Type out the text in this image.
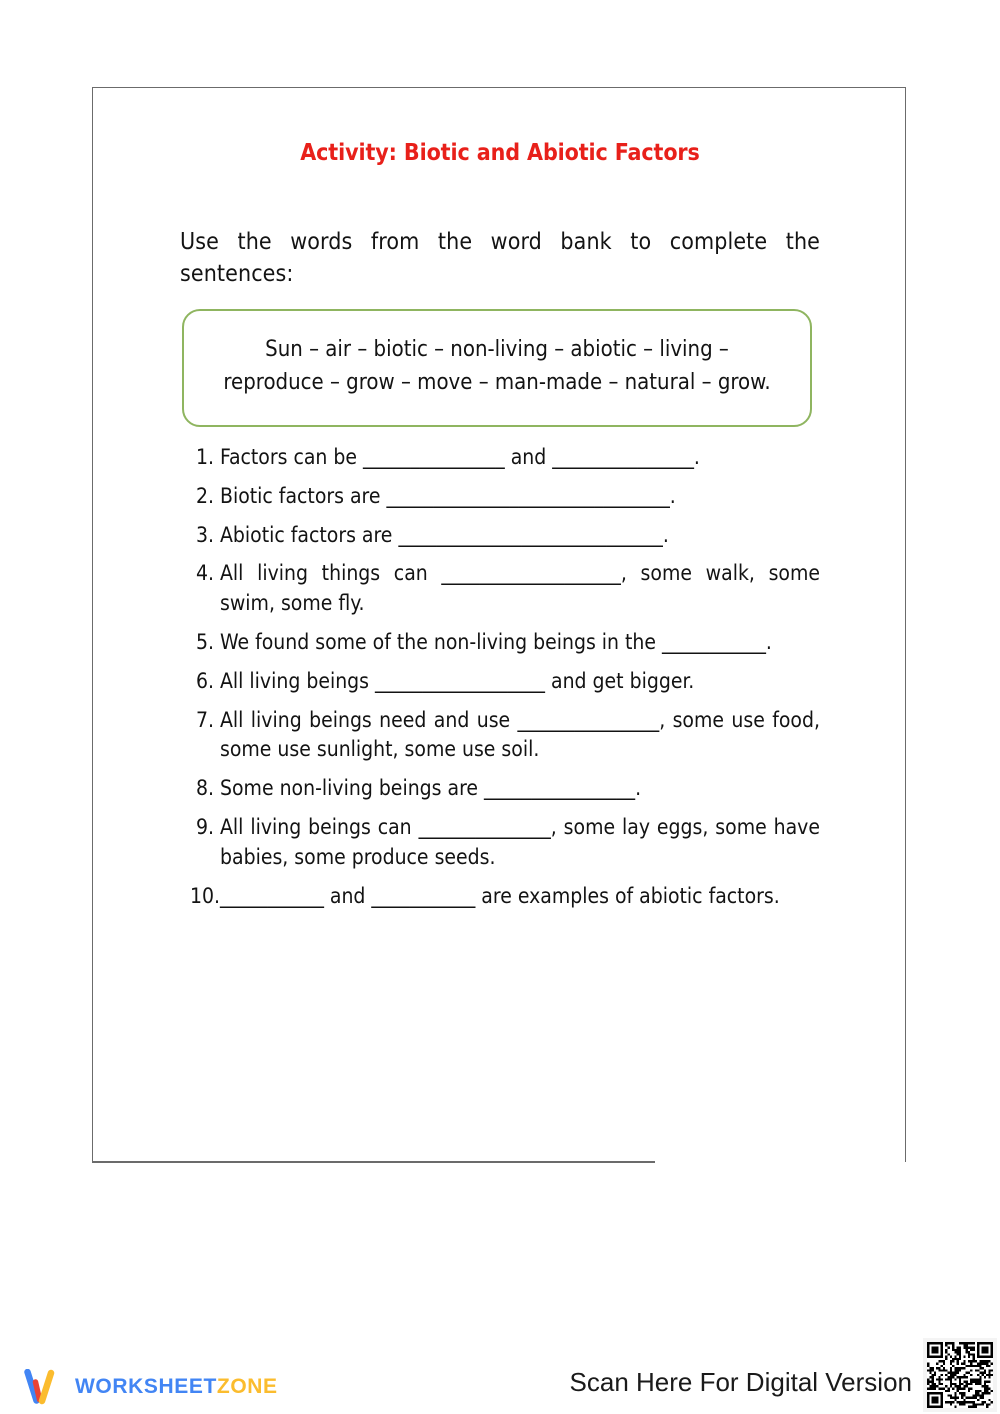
Activity: Biotic and Abiotic Factors
Use the words from the word bank to complete the sentences:
Sun – air – biotic – non-living – abiotic – living –
reproduce – grow – move – man-made – natural – grow.
1. Factors can be _______________ and _______________.
2. Biotic factors are ______________________________.
3. Abiotic factors are ____________________________.
4. All living things can ___________________, some walk, some swim, some fly.
5. We found some of the non-living beings in the ___________.
6. All living beings __________________ and get bigger.
7. All living beings need and use _______________, some use food, some use sunlight, some use soil.
8. Some non-living beings are ________________.
9. All living beings can ______________, some lay eggs, some have babies, some produce seeds.
10. ___________ and ___________ are examples of abiotic factors.
WORKSHEETZONE	Scan Here For Digital Version
